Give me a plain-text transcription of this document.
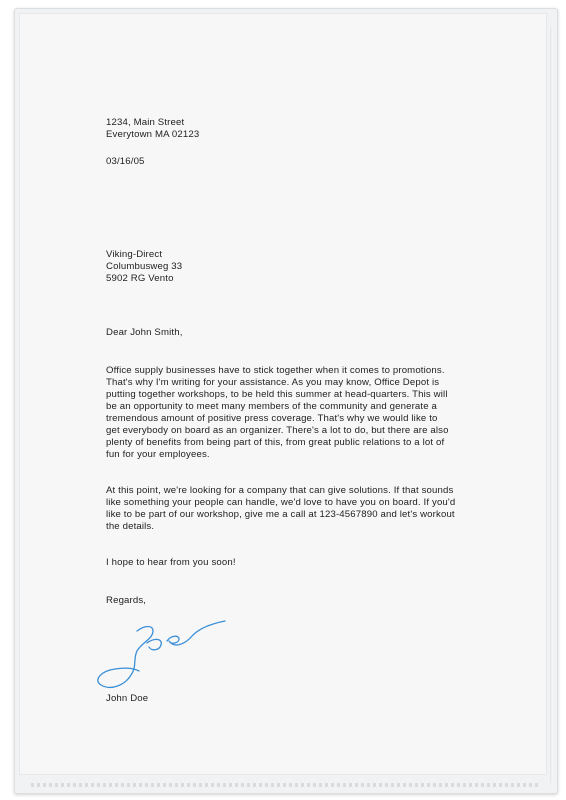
1234, Main Street
Everytown MA 02123
03/16/05
Viking-Direct
Columbusweg 33
5902 RG Vento
Dear John Smith,
Office supply businesses have to stick together when it comes to promotions.
That's why I'm writing for your assistance. As you may know, Office Depot is
putting together workshops, to be held this summer at head-quarters. This will
be an opportunity to meet many members of the community and generate a
tremendous amount of positive press coverage. That's why we would like to
get everybody on board as an organizer. There's a lot to do, but there are also
plenty of benefits from being part of this, from great public relations to a lot of
fun for your employees.
At this point, we're looking for a company that can give solutions. If that sounds
like something your people can handle, we'd love to have you on board. If you'd
like to be part of our workshop, give me a call at 123-4567890 and let's workout
the details.
I hope to hear from you soon!
Regards,
John Doe
